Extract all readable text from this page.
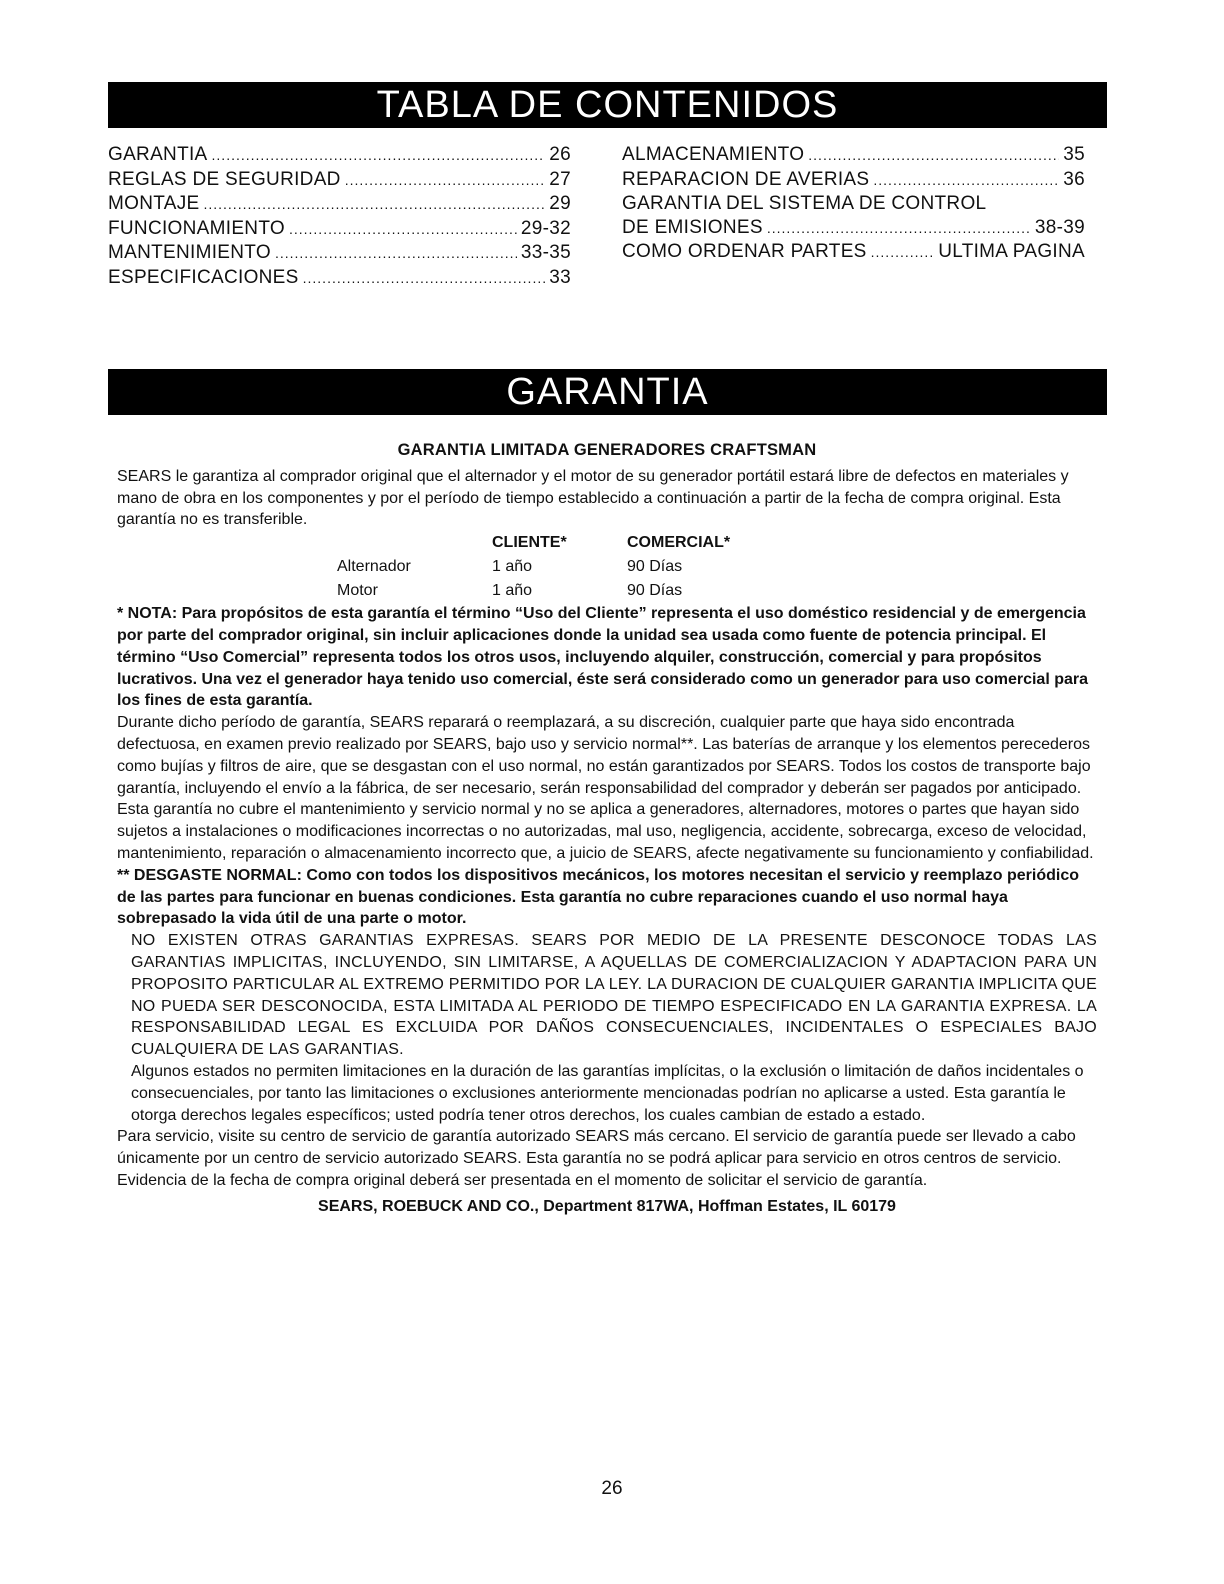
TABLA DE CONTENIDOS
GARANTIA .....	26
REGLAS DE SEGURIDAD .....	27
MONTAJE .....	29
FUNCIONAMIENTO .....	29-32
MANTENIMIENTO .....	33-35
ESPECIFICACIONES .....	33
ALMACENAMIENTO .....	35
REPARACION DE AVERIAS .....	36
GARANTIA DEL SISTEMA DE CONTROL
DE EMISIONES .....	38-39
COMO ORDENAR PARTES .....	ULTIMA PAGINA
GARANTIA
GARANTIA LIMITADA GENERADORES CRAFTSMAN

SEARS le garantiza al comprador original que el alternador y el motor de su generador portátil estará libre de defectos en materiales y mano de obra en los componentes y por el período de tiempo establecido a continuación a partir de la fecha de compra original. Esta garantía no es transferible.

	CLIENTE*	COMERCIAL*
Alternador	1 año	90 Días
Motor	1 año	90 Días

* NOTA: Para propósitos de esta garantía el término “Uso del Cliente” representa el uso doméstico residencial y de emergencia por parte del comprador original, sin incluir aplicaciones donde la unidad sea usada como fuente de potencia principal. El término “Uso Comercial” representa todos los otros usos, incluyendo alquiler, construcción, comercial y para propósitos lucrativos. Una vez el generador haya tenido uso comercial, éste será considerado como un generador para uso comercial para los fines de esta garantía.

Durante dicho período de garantía, SEARS reparará o reemplazará, a su discreción, cualquier parte que haya sido encontrada defectuosa, en examen previo realizado por SEARS, bajo uso y servicio normal**. Las baterías de arranque y los elementos perecederos como bujías y filtros de aire, que se desgastan con el uso normal, no están garantizados por SEARS. Todos los costos de transporte bajo garantía, incluyendo el envío a la fábrica, de ser necesario, serán responsabilidad del comprador y deberán ser pagados por anticipado. Esta garantía no cubre el mantenimiento y servicio normal y no se aplica a generadores, alternadores, motores o partes que hayan sido sujetos a instalaciones o modificaciones incorrectas o no autorizadas, mal uso, negligencia, accidente, sobrecarga, exceso de velocidad, mantenimiento, reparación o almacenamiento incorrecto que, a juicio de SEARS, afecte negativamente su funcionamiento y confiabilidad.

** DESGASTE NORMAL: Como con todos los dispositivos mecánicos, los motores necesitan el servicio y reemplazo periódico de las partes para funcionar en buenas condiciones. Esta garantía no cubre reparaciones cuando el uso normal haya sobrepasado la vida útil de una parte o motor.

NO EXISTEN OTRAS GARANTIAS EXPRESAS. SEARS POR MEDIO DE LA PRESENTE DESCONOCE TODAS LAS GARANTIAS IMPLICITAS, INCLUYENDO, SIN LIMITARSE, A AQUELLAS DE COMERCIALIZACION Y ADAPTACION PARA UN PROPOSITO PARTICULAR AL EXTREMO PERMITIDO POR LA LEY. LA DURACION DE CUALQUIER GARANTIA IMPLICITA QUE NO PUEDA SER DESCONOCIDA, ESTA LIMITADA AL PERIODO DE TIEMPO ESPECIFICADO EN LA GARANTIA EXPRESA. LA RESPONSABILIDAD LEGAL ES EXCLUIDA POR DAÑOS CONSECUENCIALES, INCIDENTALES O ESPECIALES BAJO CUALQUIERA DE LAS GARANTIAS.

Algunos estados no permiten limitaciones en la duración de las garantías implícitas, o la exclusión o limitación de daños incidentales o consecuenciales, por tanto las limitaciones o exclusiones anteriormente mencionadas podrían no aplicarse a usted. Esta garantía le otorga derechos legales específicos; usted podría tener otros derechos, los cuales cambian de estado a estado.

Para servicio, visite su centro de servicio de garantía autorizado SEARS más cercano. El servicio de garantía puede ser llevado a cabo únicamente por un centro de servicio autorizado SEARS. Esta garantía no se podrá aplicar para servicio en otros centros de servicio. Evidencia de la fecha de compra original deberá ser presentada en el momento de solicitar el servicio de garantía.

SEARS, ROEBUCK AND CO., Department 817WA, Hoffman Estates, IL 60179

26
